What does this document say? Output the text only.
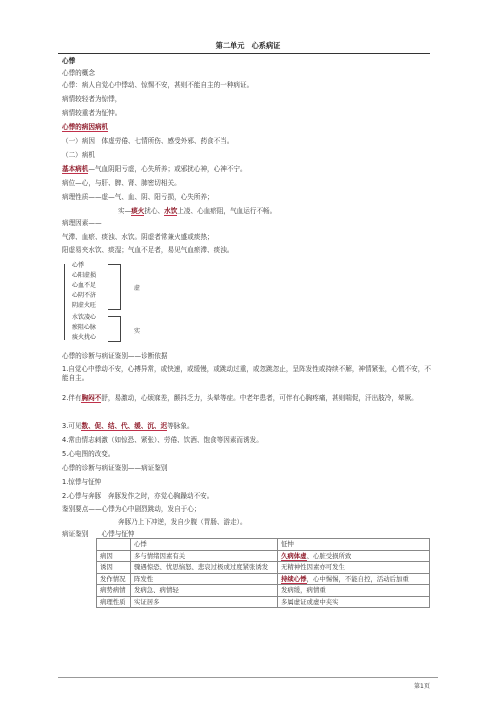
第二单元　心系病证
心悸
心悸的概念
心悸：病人自觉心中悸动、惊惕不安，甚则不能自主的一种病证。
病情较轻者为惊悸，
病情较重者为怔忡。
心悸的病因病机
（一）病因　体虚劳倦、七情所伤、感受外邪、药食不当。
（二）病机
基本病机—气血阴阳亏虚，心失所养；或邪扰心神，心神不宁。
病位—心，与肝、脾、肾、肺密切相关。
病理性质——虚—气、血、阴、阳亏损，心失所养；
实—痰火扰心、水饮上凌、心血瘀阻，气血运行不畅。
病理因素——
气滞、血瘀、痰浊、水饮。阴虚者常兼火盛或痰热；
阳虚易夹水饮、痰湿；气血不足者，易见气血瘀滞、痰浊。
心悸
心阳虚损
心血不足
心阴不济
阴虚火旺
水饮凌心
瘀阻心脉
痰火扰心
虚
实
心悸的诊断与病证鉴别——诊断依据
1.自觉心中悸动不安，心搏异常，或快速，或缓慢，或跳动过重，或忽跳忽止，呈阵发性或持续不解，神情紧张，心慌不安，不能自主。
2.伴有胸闷不舒，易激动，心烦寐差，颤抖乏力，头晕等症。中老年患者，可伴有心胸疼痛，甚则喘促，汗出肢冷，晕厥。
3.可见数、促、结、代、缓、沉、迟等脉象。
4.常由情志刺激（如惊恐、紧张）、劳倦、饮酒、饱食等因素而诱发。
5.心电图的改变。
心悸的诊断与病证鉴别——病证鉴别
1.惊悸与怔忡
2.心悸与奔豚　奔豚发作之时，亦觉心胸躁动不安。
鉴别要点——心悸为心中剧烈跳动，发自于心；
奔豚乃上下冲逆，发自少腹（胃肠、游走）。
病证鉴别　　心悸与怔忡
	心悸	怔忡
病因	多与情绪因素有关	久病体虚、心脏受损所致
诱因	骤遇惊恐、忧思恼怒、悲哀过极或过度紧张诱发	无精神性因素亦可发生
发作情况	阵发性	持续心悸，心中惕惕，不能自控，活动后加重
病势病情	发病急、病情轻	发病缓，病情重
病理性质	实证居多	多属虚证或虚中夹实
第1页
